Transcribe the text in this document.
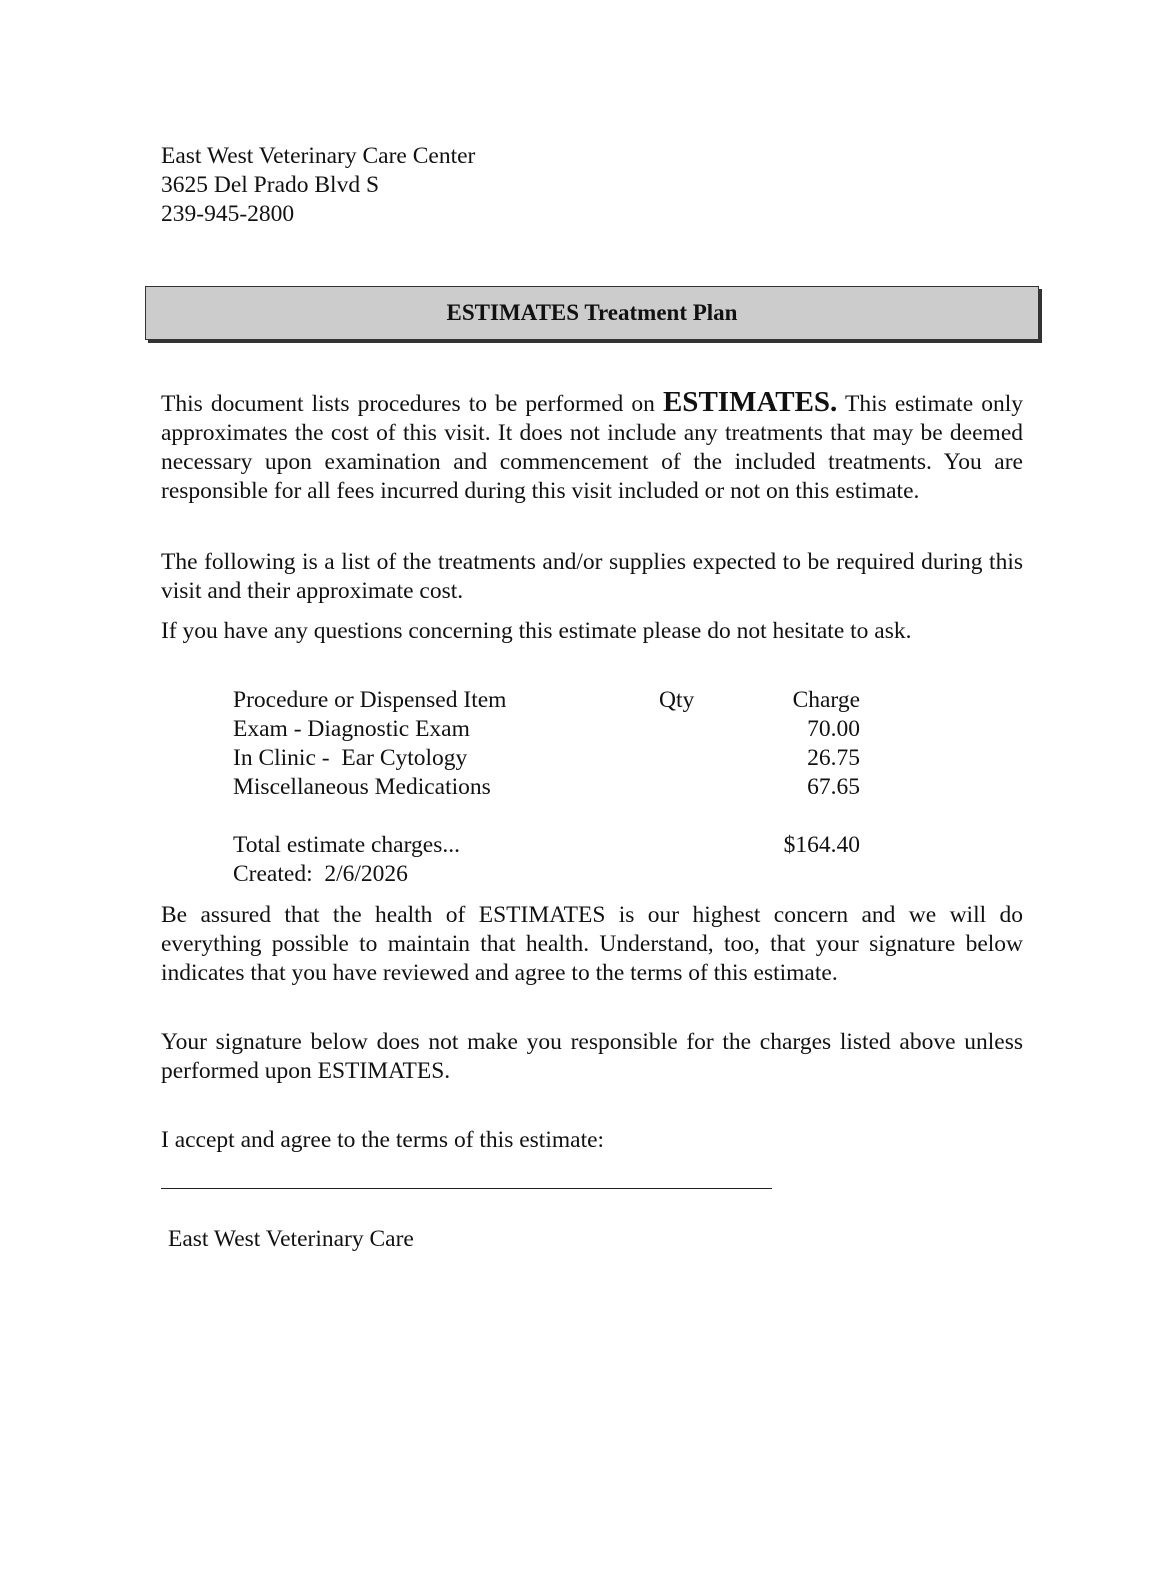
East West Veterinary Care Center
3625 Del Prado Blvd S
239-945-2800
ESTIMATES Treatment Plan
This document lists procedures to be performed on ESTIMATES. This estimate only approximates the cost of this visit. It does not include any treatments that may be deemed necessary upon examination and commencement of the included treatments. You are responsible for all fees incurred during this visit included or not on this estimate.
The following is a list of the treatments and/or supplies expected to be required during this visit and their approximate cost.
If you have any questions concerning this estimate please do not hesitate to ask.
Procedure or Dispensed Item	Qty	Charge
Exam - Diagnostic Exam	70.00
In Clinic -  Ear Cytology	26.75
Miscellaneous Medications	67.65
Total estimate charges...	$164.40
Created:  2/6/2026
Be assured that the health of ESTIMATES is our highest concern and we will do everything possible to maintain that health. Understand, too, that your signature below indicates that you have reviewed and agree to the terms of this estimate.
Your signature below does not make you responsible for the charges listed above unless performed upon ESTIMATES.
I accept and agree to the terms of this estimate:
East West Veterinary Care
